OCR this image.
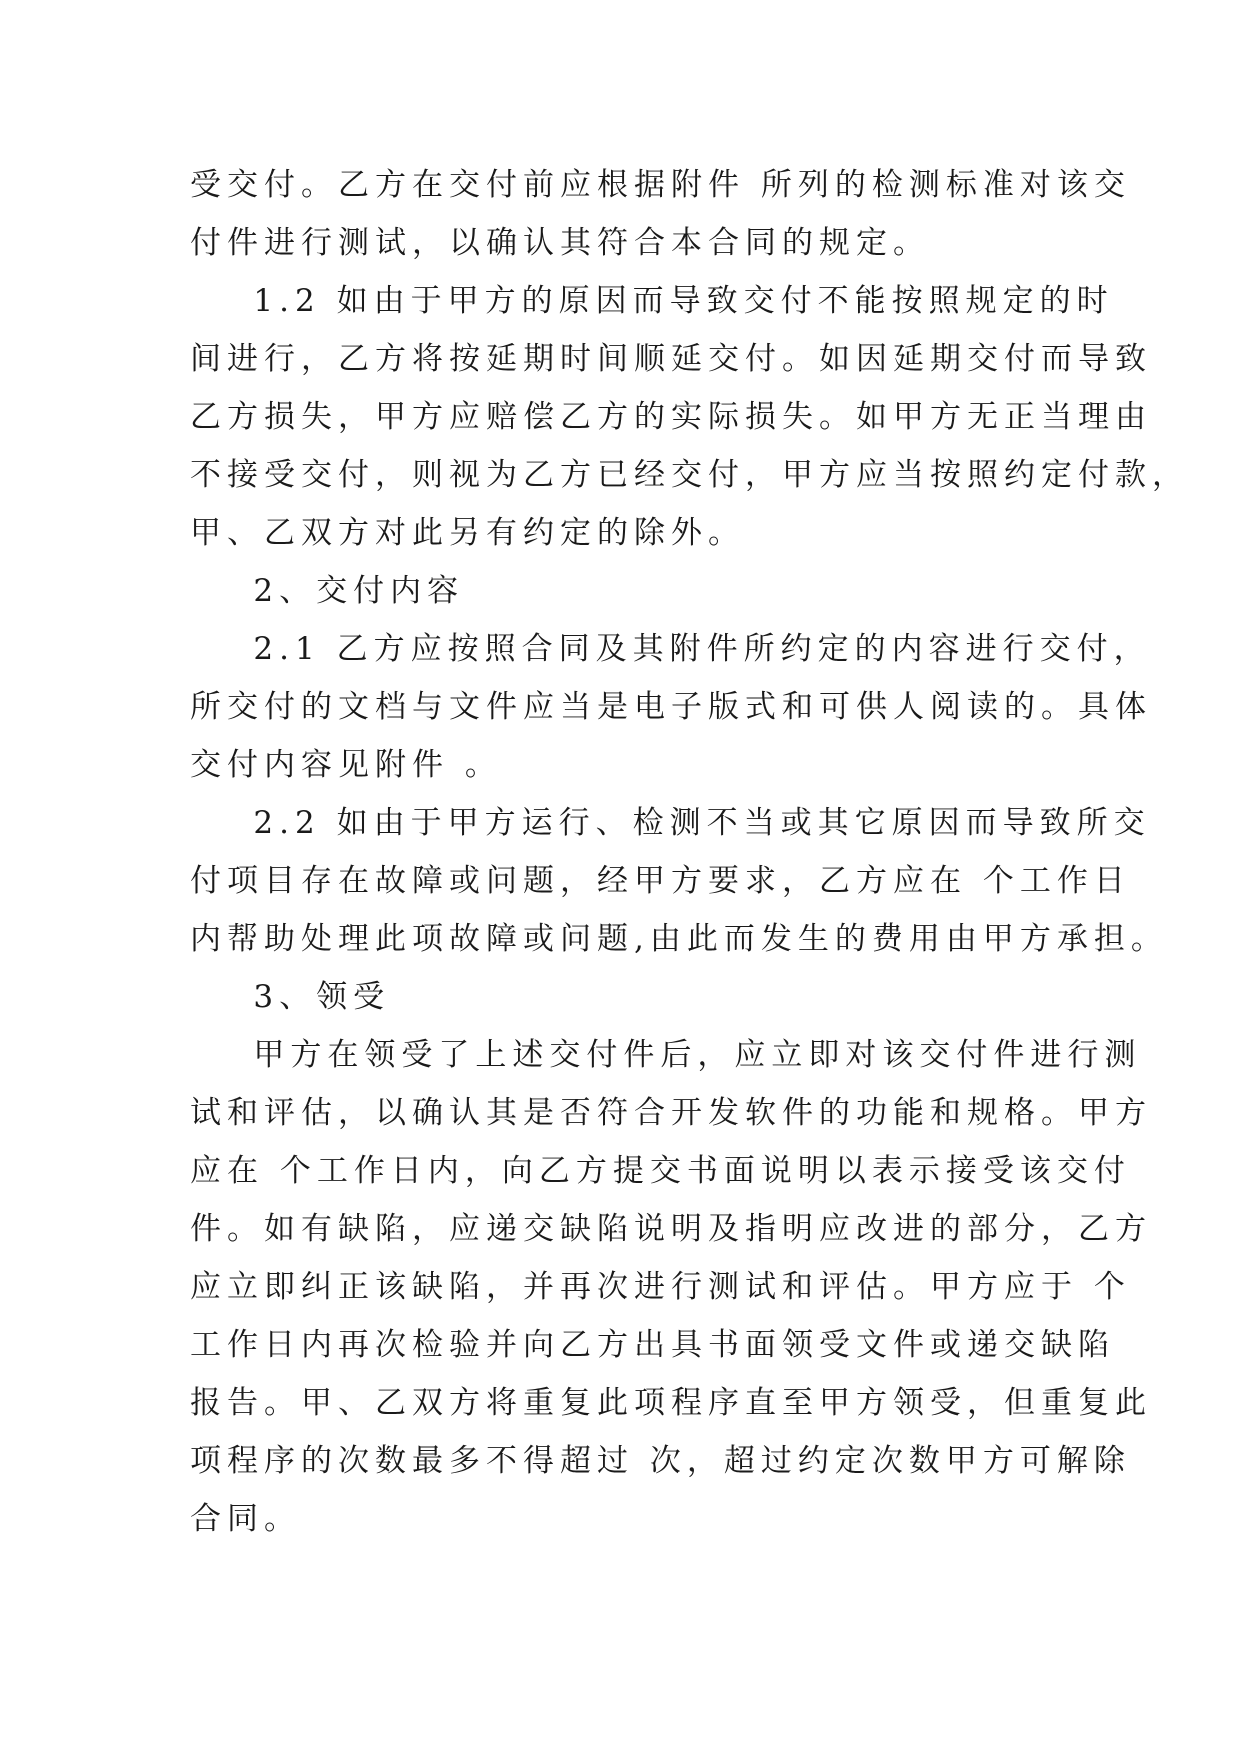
受交付。乙方在交付前应根据附件 所列的检测标准对该交
付件进行测试，以确认其符合本合同的规定。
1.2 如由于甲方的原因而导致交付不能按照规定的时
间进行，乙方将按延期时间顺延交付。如因延期交付而导致
乙方损失，甲方应赔偿乙方的实际损失。如甲方无正当理由
不接受交付，则视为乙方已经交付，甲方应当按照约定付款，
甲、乙双方对此另有约定的除外。
2、交付内容
2.1 乙方应按照合同及其附件所约定的内容进行交付，
所交付的文档与文件应当是电子版式和可供人阅读的。具体
交付内容见附件 。
2.2 如由于甲方运行、检测不当或其它原因而导致所交
付项目存在故障或问题，经甲方要求，乙方应在 个工作日
内帮助处理此项故障或问题,由此而发生的费用由甲方承担。
3、领受
甲方在领受了上述交付件后，应立即对该交付件进行测
试和评估，以确认其是否符合开发软件的功能和规格。甲方
应在 个工作日内，向乙方提交书面说明以表示接受该交付
件。如有缺陷，应递交缺陷说明及指明应改进的部分，乙方
应立即纠正该缺陷，并再次进行测试和评估。甲方应于 个
工作日内再次检验并向乙方出具书面领受文件或递交缺陷
报告。甲、乙双方将重复此项程序直至甲方领受，但重复此
项程序的次数最多不得超过 次，超过约定次数甲方可解除
合同。
